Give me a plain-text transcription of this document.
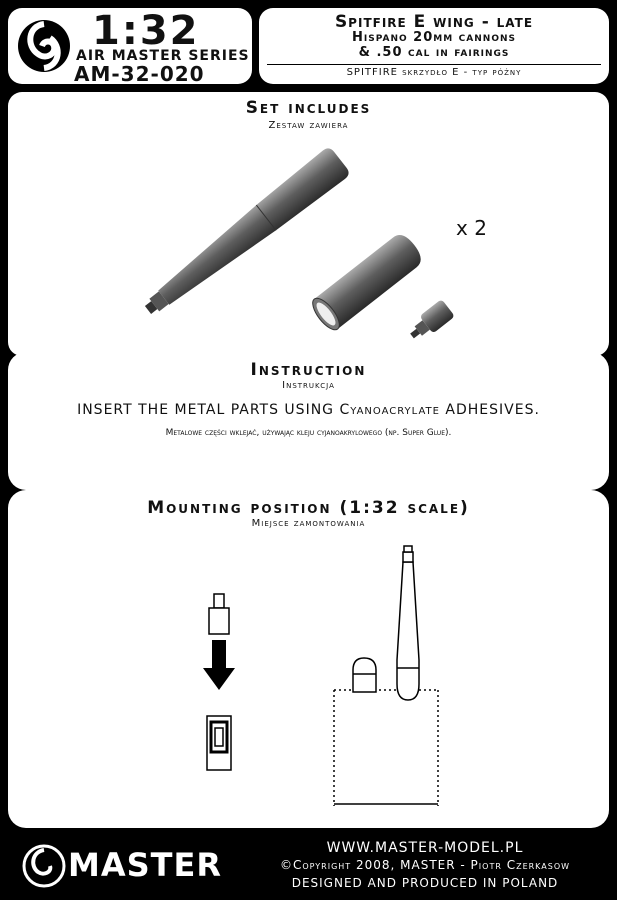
1:32
AIR MASTER SERIES
AM-32-020
Spitfire E wing - late
Hispano 20mm cannons
& .50 cal in fairings
SPITFIRE skrzydło E - typ późny
Set includes
Zestaw zawiera
x 2
Instruction
Instrukcja
INSERT THE METAL PARTS USING Cyanoacrylate ADHESIVES.
Metalowe części wklejać, używając kleju cyjanoakrylowego (np. Super Glue).
Mounting position (1:32 scale)
Miejsce zamontowania
MASTER	WWW.MASTER-MODEL.PL
©Copyright 2008, MASTER - Piotr Czerkasow
DESIGNED AND PRODUCED IN POLAND
